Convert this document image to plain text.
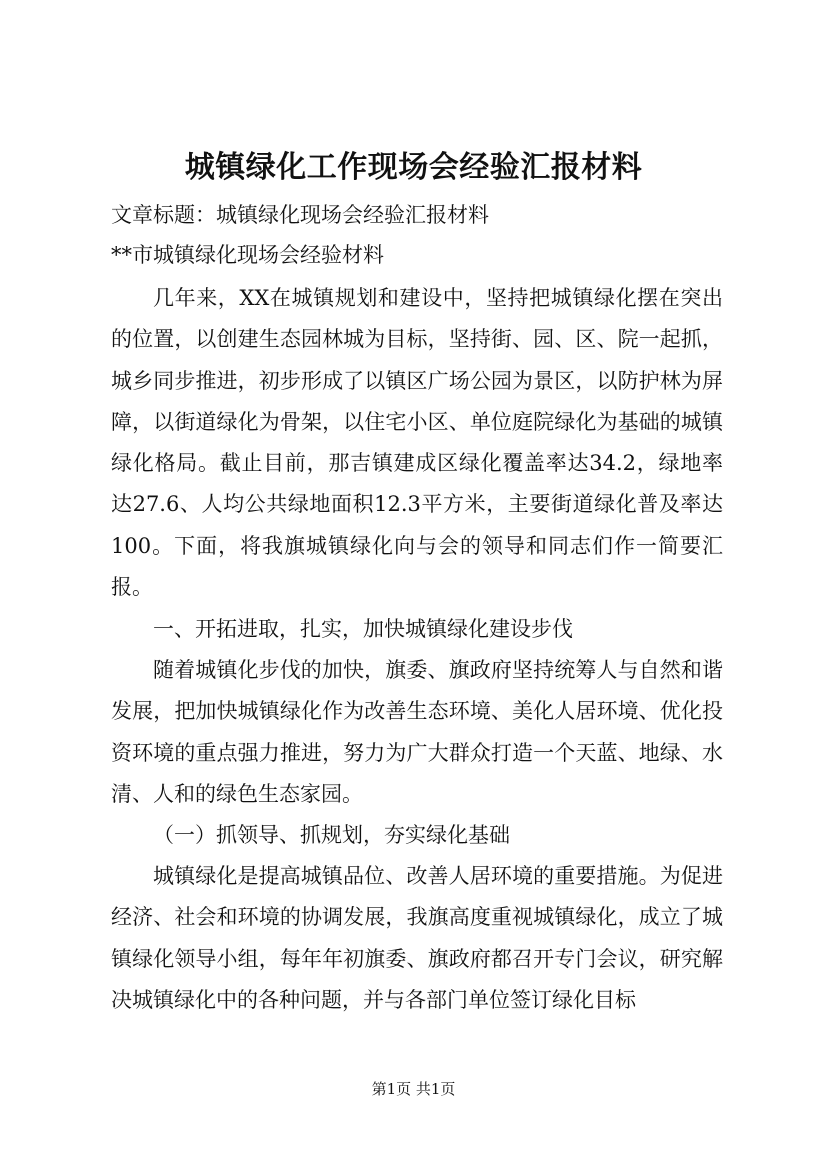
城镇绿化工作现场会经验汇报材料
文章标题：城镇绿化现场会经验汇报材料
**市城镇绿化现场会经验材料

几年来，XX在城镇规划和建设中，坚持把城镇绿化摆在突出的位置，以创建生态园林城为目标，坚持街、园、区、院一起抓，城乡同步推进，初步形成了以镇区广场公园为景区，以防护林为屏障，以街道绿化为骨架，以住宅小区、单位庭院绿化为基础的城镇绿化格局。截止目前，那吉镇建成区绿化覆盖率达34.2，绿地率达27.6、人均公共绿地面积12.3平方米，主要街道绿化普及率达100。下面，将我旗城镇绿化向与会的领导和同志们作一简要汇报。

一、开拓进取，扎实，加快城镇绿化建设步伐

随着城镇化步伐的加快，旗委、旗政府坚持统筹人与自然和谐发展，把加快城镇绿化作为改善生态环境、美化人居环境、优化投资环境的重点强力推进，努力为广大群众打造一个天蓝、地绿、水清、人和的绿色生态家园。

（一）抓领导、抓规划，夯实绿化基础

城镇绿化是提高城镇品位、改善人居环境的重要措施。为促进经济、社会和环境的协调发展，我旗高度重视城镇绿化，成立了城镇绿化领导小组，每年年初旗委、旗政府都召开专门会议，研究解决城镇绿化中的各种问题，并与各部门单位签订绿化目标

第1页 共1页
